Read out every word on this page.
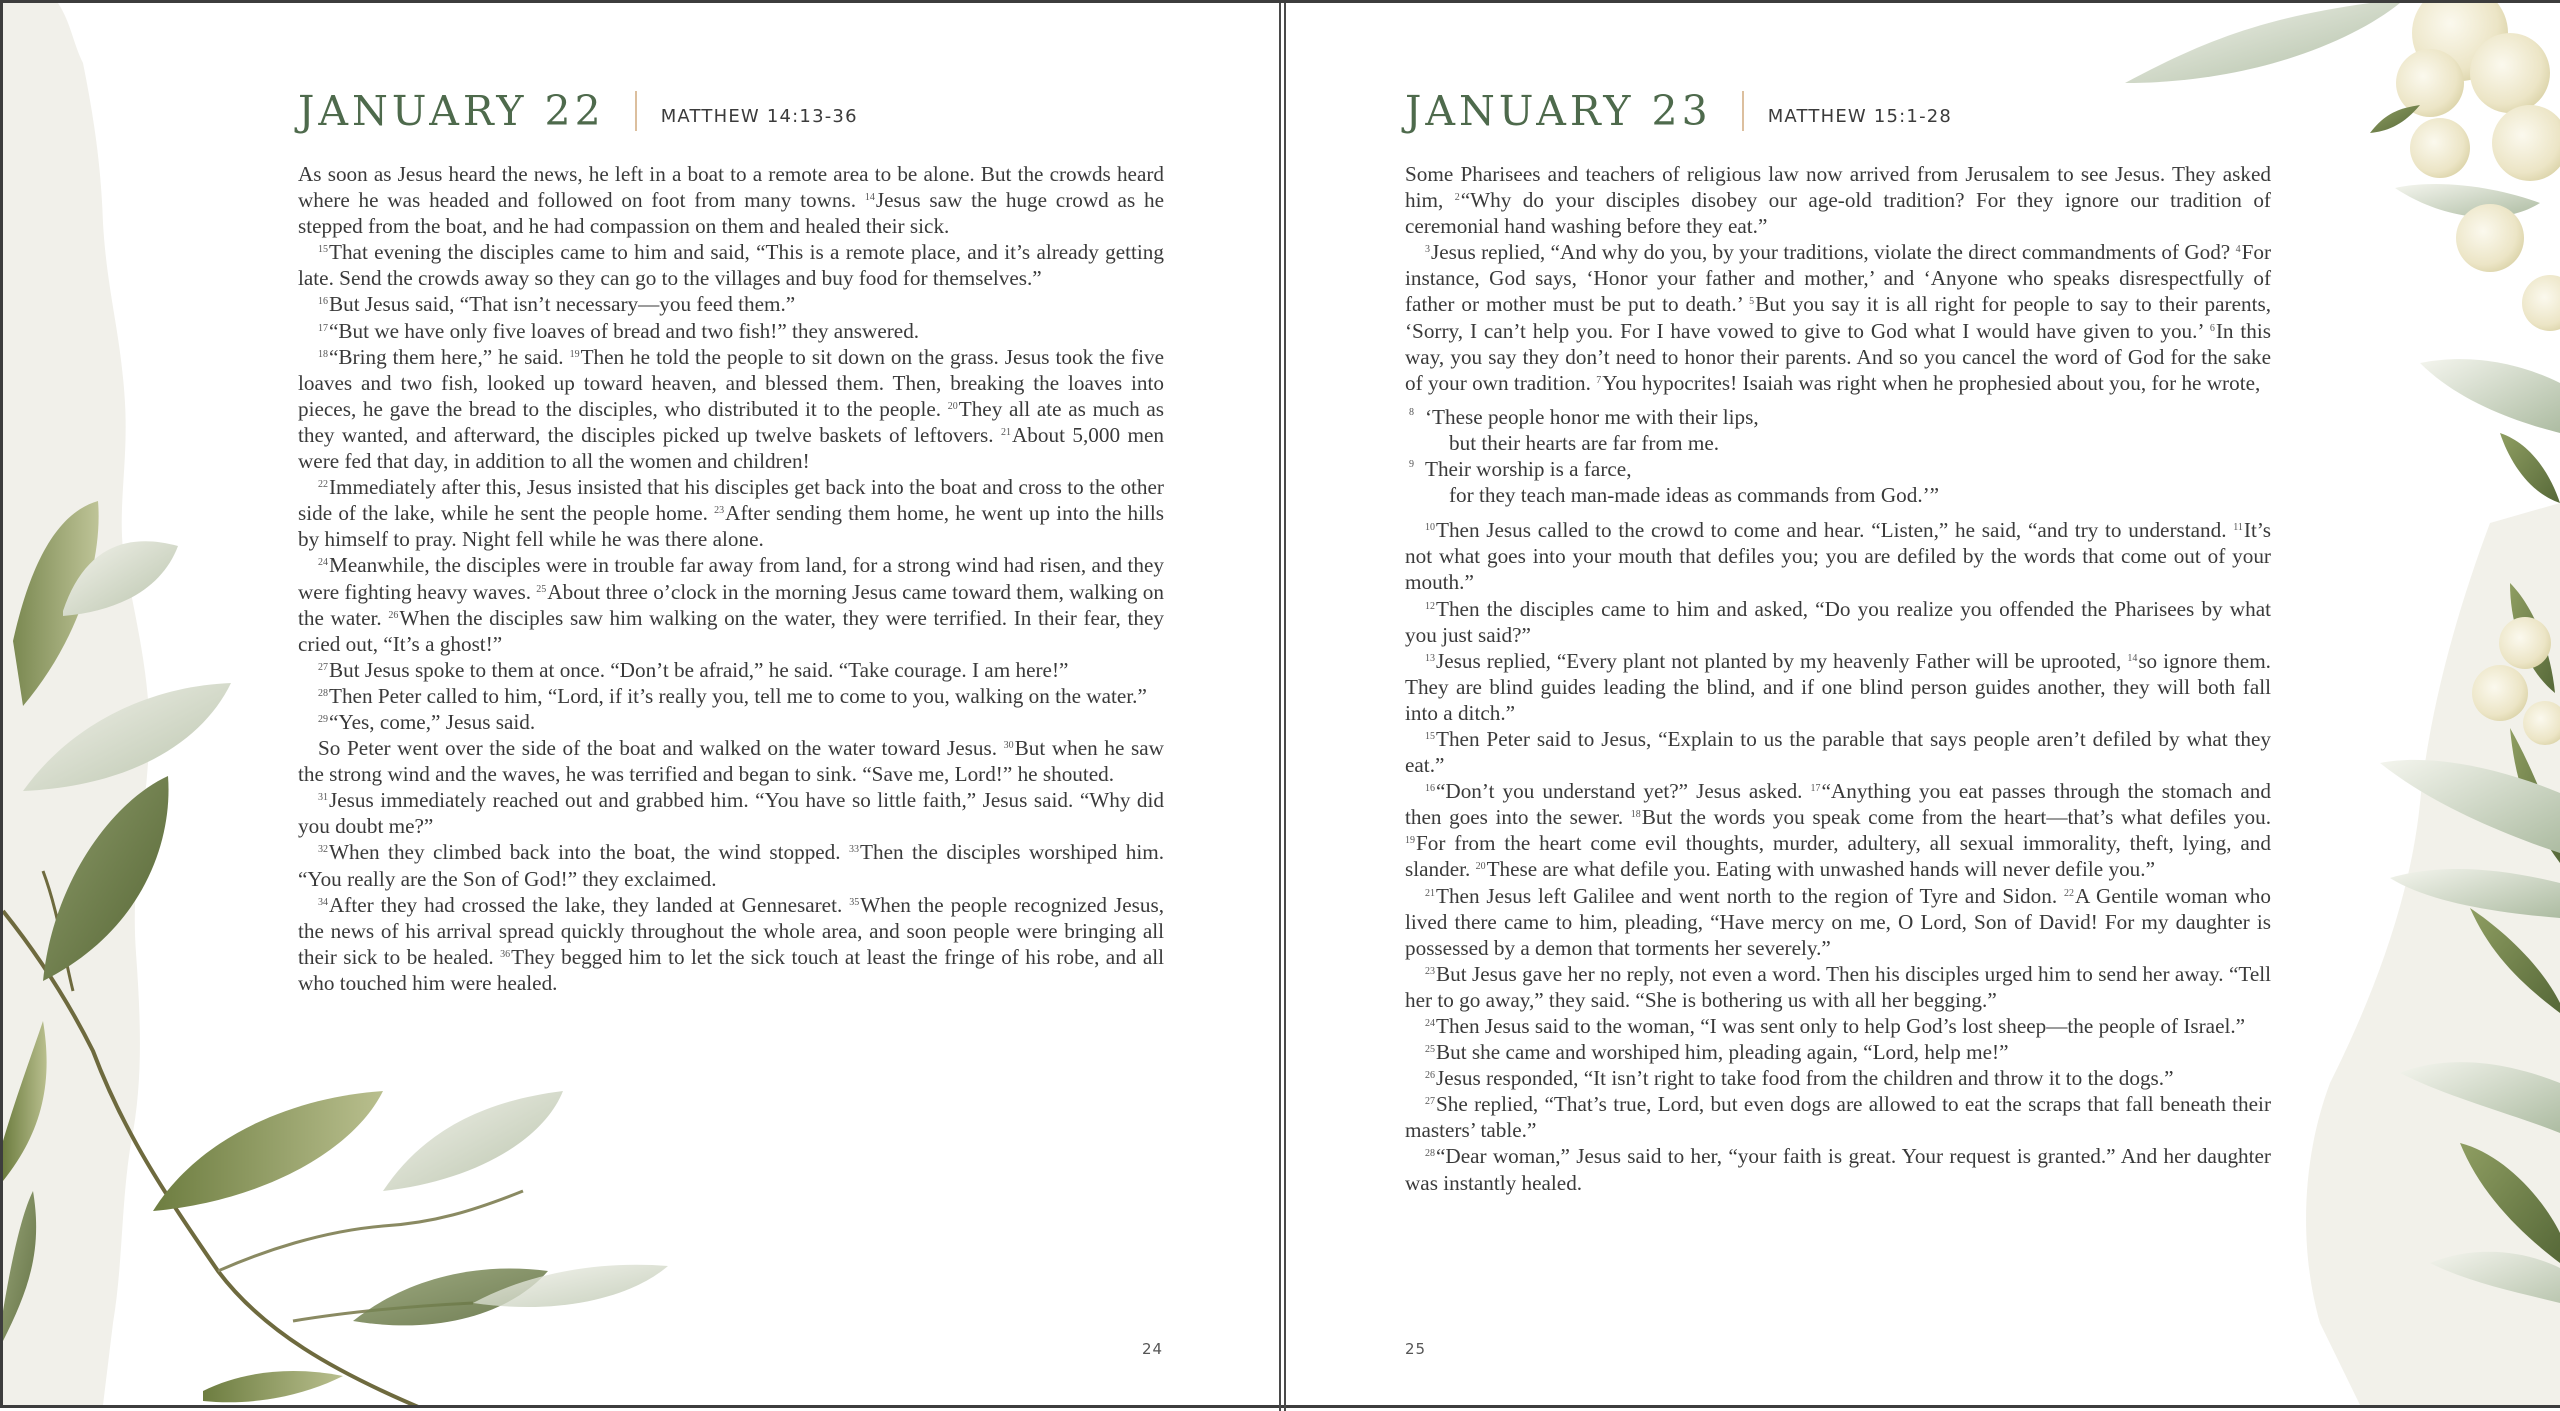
JANUARY 22	MATTHEW 14:13-36

As soon as Jesus heard the news, he left in a boat to a remote area to be alone. But the crowds heard where he was headed and followed on foot from many towns. $^{14}$Jesus saw the huge crowd as he stepped from the boat, and he had compassion on them and healed their sick.

$^{15}$That evening the disciples came to him and said, “This is a remote place, and it’s already getting late. Send the crowds away so they can go to the villages and buy food for themselves.”

$^{16}$But Jesus said, “That isn’t necessary—you feed them.”

$^{17}$“But we have only five loaves of bread and two fish!” they answered.

$^{18}$“Bring them here,” he said. $^{19}$Then he told the people to sit down on the grass. Jesus took the five loaves and two fish, looked up toward heaven, and blessed them. Then, breaking the loaves into pieces, he gave the bread to the disciples, who distributed it to the people. $^{20}$They all ate as much as they wanted, and afterward, the disciples picked up twelve baskets of leftovers. $^{21}$About 5,000 men were fed that day, in addition to all the women and children!

$^{22}$Immediately after this, Jesus insisted that his disciples get back into the boat and cross to the other side of the lake, while he sent the people home. $^{23}$After sending them home, he went up into the hills by himself to pray. Night fell while he was there alone.

$^{24}$Meanwhile, the disciples were in trouble far away from land, for a strong wind had risen, and they were fighting heavy waves. $^{25}$About three o’clock in the morning Jesus came toward them, walking on the water. $^{26}$When the disciples saw him walking on the water, they were terrified. In their fear, they cried out, “It’s a ghost!”

$^{27}$But Jesus spoke to them at once. “Don’t be afraid,” he said. “Take courage. I am here!”

$^{28}$Then Peter called to him, “Lord, if it’s really you, tell me to come to you, walking on the water.”

$^{29}$“Yes, come,” Jesus said.

So Peter went over the side of the boat and walked on the water toward Jesus. $^{30}$But when he saw the strong wind and the waves, he was terrified and began to sink. “Save me, Lord!” he shouted.

$^{31}$Jesus immediately reached out and grabbed him. “You have so little faith,” Jesus said. “Why did you doubt me?”

$^{32}$When they climbed back into the boat, the wind stopped. $^{33}$Then the disciples worshiped him. “You really are the Son of God!” they exclaimed.

$^{34}$After they had crossed the lake, they landed at Gennesaret. $^{35}$When the people recognized Jesus, the news of his arrival spread quickly throughout the whole area, and soon people were bringing all their sick to be healed. $^{36}$They begged him to let the sick touch at least the fringe of his robe, and all who touched him were healed.

24
JANUARY 23	MATTHEW 15:1-28

Some Pharisees and teachers of religious law now arrived from Jerusalem to see Jesus. They asked him, $^2$“Why do your disciples disobey our age-old tradition? For they ignore our tradition of ceremonial hand washing before they eat.”

$^3$Jesus replied, “And why do you, by your traditions, violate the direct commandments of God? $^4$For instance, God says, ‘Honor your father and mother,’ and ‘Anyone who speaks disrespectfully of father or mother must be put to death.’ $^5$But you say it is all right for people to say to their parents, ‘Sorry, I can’t help you. For I have vowed to give to God what I would have given to you.’ $^6$In this way, you say they don’t need to honor their parents. And so you cancel the word of God for the sake of your own tradition. $^7$You hypocrites! Isaiah was right when he prophesied about you, for he wrote,

8 ‘These people honor me with their lips,
but their hearts are far from me.
9 Their worship is a farce,
for they teach man-made ideas as commands from God.’”

$^{10}$Then Jesus called to the crowd to come and hear. “Listen,” he said, “and try to understand. $^{11}$It’s not what goes into your mouth that defiles you; you are defiled by the words that come out of your mouth.”

$^{12}$Then the disciples came to him and asked, “Do you realize you offended the Pharisees by what you just said?”

$^{13}$Jesus replied, “Every plant not planted by my heavenly Father will be uprooted, $^{14}$so ignore them. They are blind guides leading the blind, and if one blind person guides another, they will both fall into a ditch.”

$^{15}$Then Peter said to Jesus, “Explain to us the parable that says people aren’t defiled by what they eat.”

$^{16}$“Don’t you understand yet?” Jesus asked. $^{17}$“Anything you eat passes through the stomach and then goes into the sewer. $^{18}$But the words you speak come from the heart—that’s what defiles you. $^{19}$For from the heart come evil thoughts, murder, adultery, all sexual immorality, theft, lying, and slander. $^{20}$These are what defile you. Eating with unwashed hands will never defile you.”

$^{21}$Then Jesus left Galilee and went north to the region of Tyre and Sidon. $^{22}$A Gentile woman who lived there came to him, pleading, “Have mercy on me, O Lord, Son of David! For my daughter is possessed by a demon that torments her severely.”

$^{23}$But Jesus gave her no reply, not even a word. Then his disciples urged him to send her away. “Tell her to go away,” they said. “She is bothering us with all her begging.”

$^{24}$Then Jesus said to the woman, “I was sent only to help God’s lost sheep—the people of Israel.”

$^{25}$But she came and worshiped him, pleading again, “Lord, help me!”

$^{26}$Jesus responded, “It isn’t right to take food from the children and throw it to the dogs.”

$^{27}$She replied, “That’s true, Lord, but even dogs are allowed to eat the scraps that fall beneath their masters’ table.”

$^{28}$“Dear woman,” Jesus said to her, “your faith is great. Your request is granted.” And her daughter was instantly healed.

25
